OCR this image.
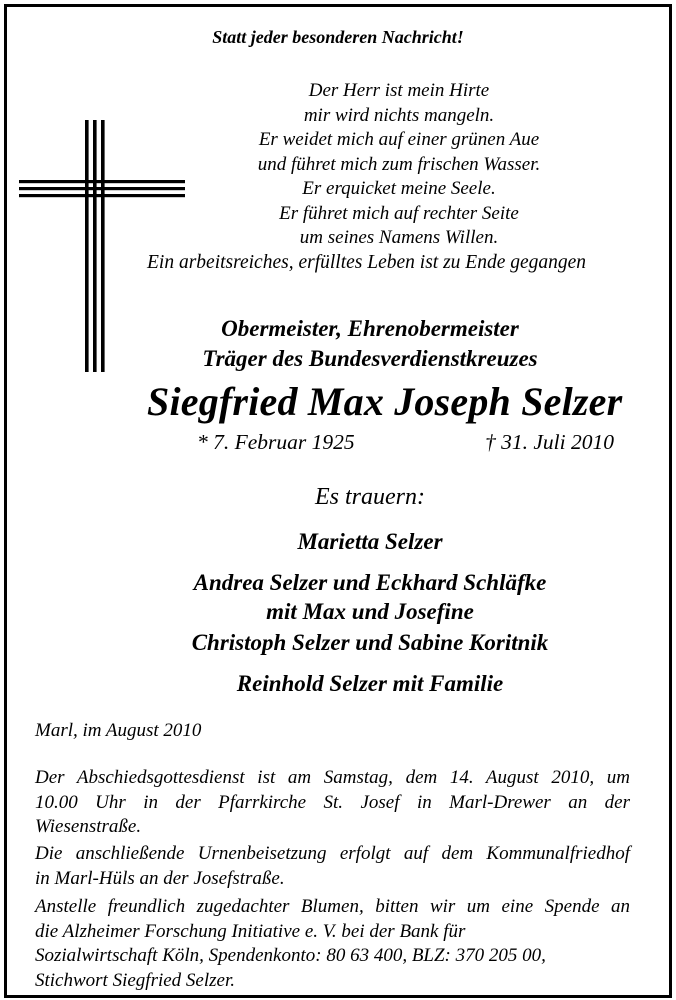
Statt jeder besonderen Nachricht!
Der Herr ist mein Hirte
mir wird nichts mangeln.
Er weidet mich auf einer grünen Aue
und führet mich zum frischen Wasser.
Er erquicket meine Seele.
Er führet mich auf rechter Seite
um seines Namens Willen.
Ein arbeitsreiches, erfülltes Leben ist zu Ende gegangen
Obermeister, Ehrenobermeister
Träger des Bundesverdienstkreuzes
Siegfried Max Joseph Selzer
* 7. Februar 1925	† 31. Juli 2010
Es trauern:
Marietta Selzer
Andrea Selzer und Eckhard Schläfke
mit Max und Josefine
Christoph Selzer und Sabine Koritnik
Reinhold Selzer mit Familie
Marl, im August 2010
Der Abschiedsgottesdienst ist am Samstag, dem 14. August 2010, um
10.00 Uhr in der Pfarrkirche St. Josef in Marl-Drewer an der
Wiesenstraße.
Die anschließende Urnenbeisetzung erfolgt auf dem Kommunalfriedhof
in Marl-Hüls an der Josefstraße.
Anstelle freundlich zugedachter Blumen, bitten wir um eine Spende an
die Alzheimer Forschung Initiative e. V. bei der Bank für
Sozialwirtschaft Köln, Spendenkonto: 80 63 400, BLZ: 370 205 00,
Stichwort Siegfried Selzer.
